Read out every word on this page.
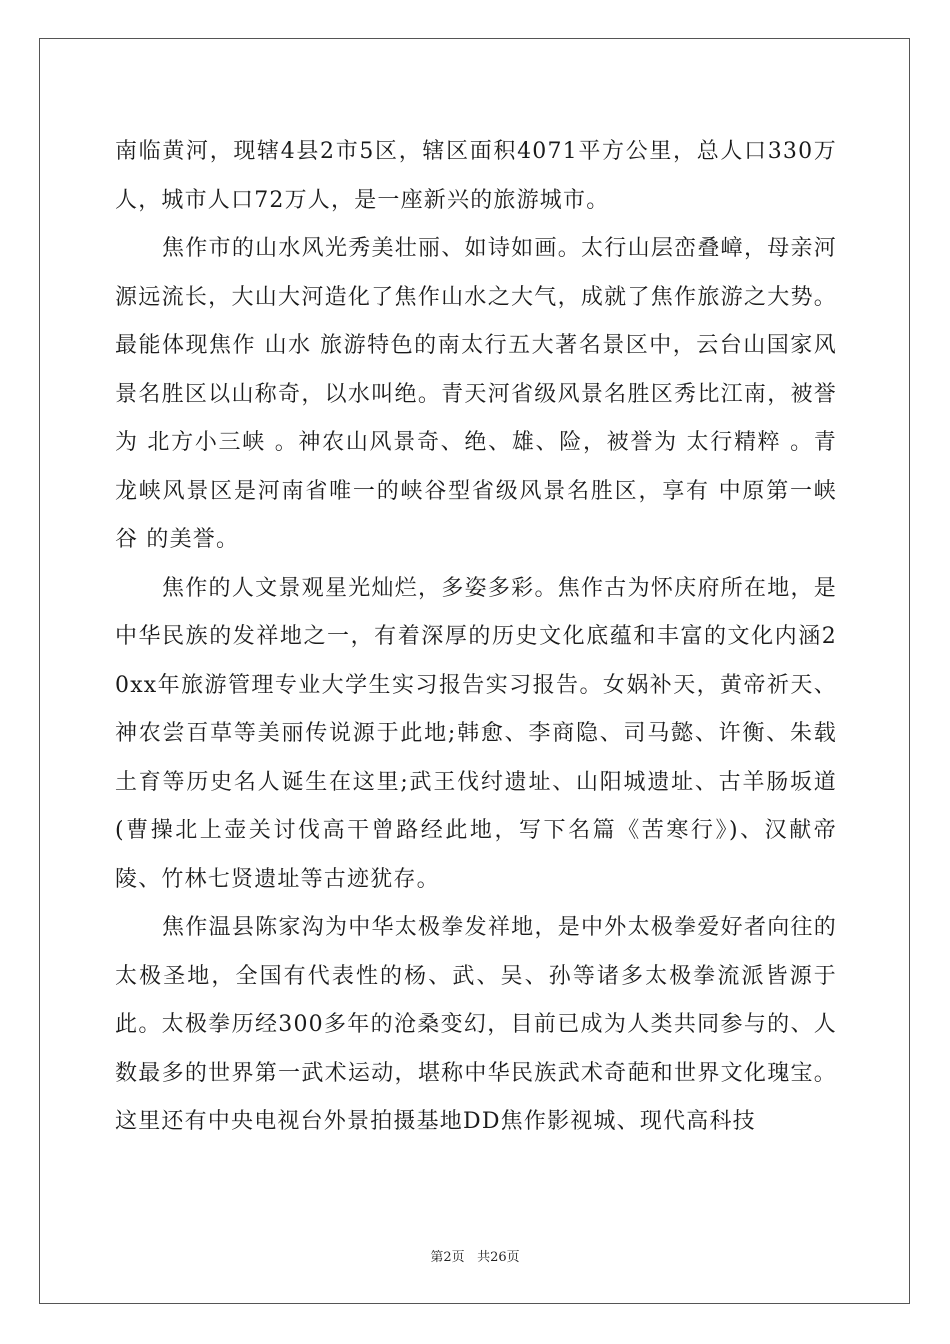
南临黄河，现辖4县2市5区，辖区面积4071平方公里，总人口330万人，城市人口72万人，是一座新兴的旅游城市。

焦作市的山水风光秀美壮丽、如诗如画。太行山层峦叠嶂，母亲河源远流长，大山大河造化了焦作山水之大气，成就了焦作旅游之大势。最能体现焦作 山水 旅游特色的南太行五大著名景区中，云台山国家风景名胜区以山称奇，以水叫绝。青天河省级风景名胜区秀比江南，被誉为 北方小三峡 。神农山风景奇、绝、雄、险，被誉为 太行精粹 。青龙峡风景区是河南省唯一的峡谷型省级风景名胜区，享有 中原第一峡谷 的美誉。

焦作的人文景观星光灿烂，多姿多彩。焦作古为怀庆府所在地，是中华民族的发祥地之一，有着深厚的历史文化底蕴和丰富的文化内涵20xx年旅游管理专业大学生实习报告实习报告。女娲补天，黄帝祈天、神农尝百草等美丽传说源于此地;韩愈、李商隐、司马懿、许衡、朱载土育等历史名人诞生在这里;武王伐纣遗址、山阳城遗址、古羊肠坂道(曹操北上壶关讨伐高干曾路经此地，写下名篇《苦寒行》)、汉献帝陵、竹林七贤遗址等古迹犹存。

焦作温县陈家沟为中华太极拳发祥地，是中外太极拳爱好者向往的太极圣地，全国有代表性的杨、武、吴、孙等诸多太极拳流派皆源于此。太极拳历经300多年的沧桑变幻，目前已成为人类共同参与的、人数最多的世界第一武术运动，堪称中华民族武术奇葩和世界文化瑰宝。这里还有中央电视台外景拍摄基地DD焦作影视城、现代高科技

第2页 共26页
